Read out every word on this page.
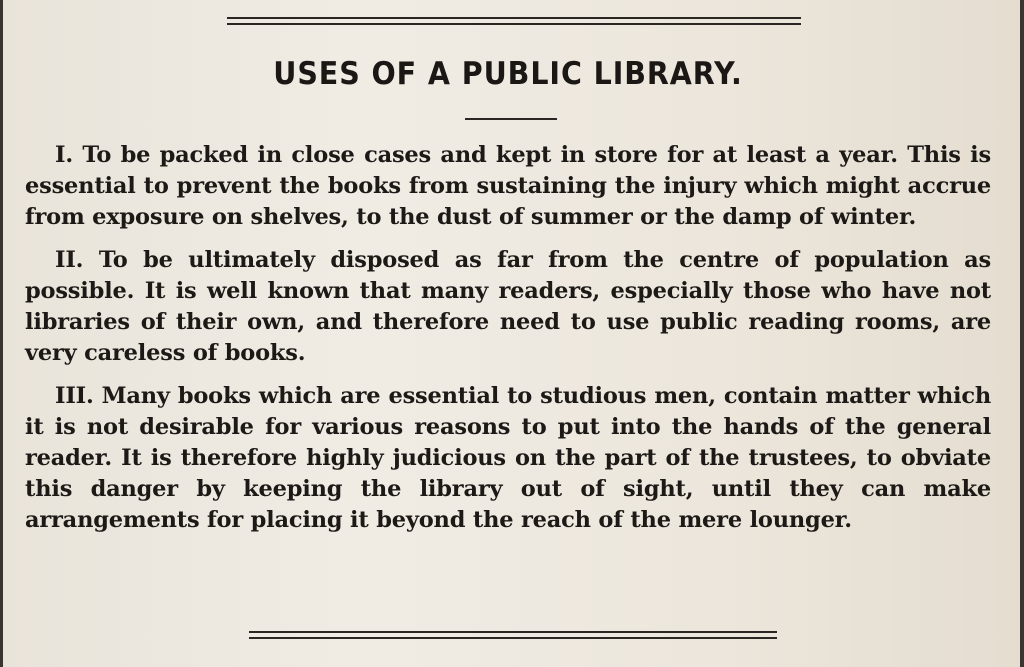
USES OF A PUBLIC LIBRARY.

I. To be packed in close cases and kept in store for at least a year. This is essential to prevent the books from sustaining the injury which might accrue from exposure on shelves, to the dust of summer or the damp of winter.

II. To be ultimately disposed as far from the centre of population as possible. It is well known that many readers, especially those who have not libraries of their own, and therefore need to use public reading rooms, are very careless of books.

III. Many books which are essential to studious men, contain matter which it is not desirable for various reasons to put into the hands of the general reader. It is therefore highly judicious on the part of the trustees, to obviate this danger by keeping the library out of sight, until they can make arrangements for placing it beyond the reach of the mere lounger.
